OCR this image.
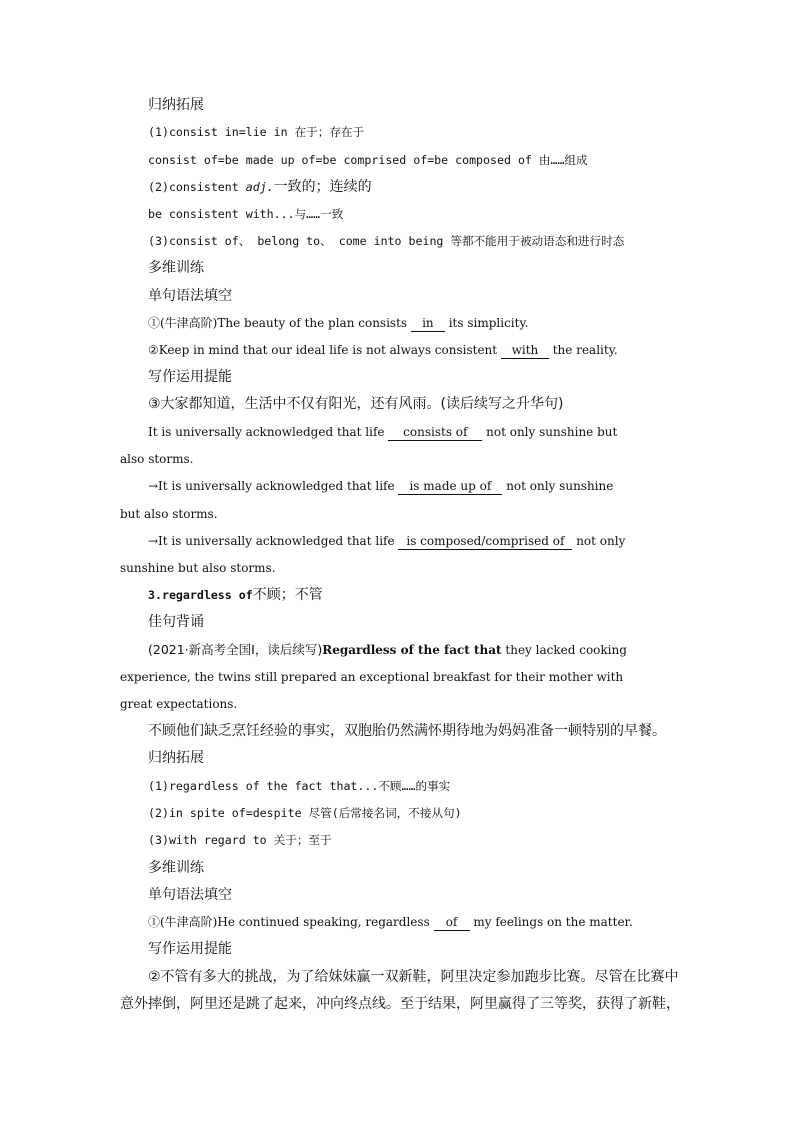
归纳拓展
(1)consist in=lie in 在于；存在于
consist of=be made up of=be comprised of=be composed of 由……组成
(2)consistent adj.一致的；连续的
be consistent with...与……一致
(3)consist of、 belong to、 come into being 等都不能用于被动语态和进行时态
多维训练
单句语法填空
①(牛津高阶)The beauty of the plan consists in its simplicity.
②Keep in mind that our ideal life is not always consistent with the reality.
写作运用提能
③大家都知道，生活中不仅有阳光，还有风雨。(读后续写之升华句)
It is universally acknowledged that life consists of not only sunshine but
also storms.
→It is universally acknowledged that life is made up of not only sunshine
but also storms.
→It is universally acknowledged that life is composed/comprised of not only
sunshine but also storms.
3.regardless of不顾；不管
佳句背诵
(2021·新高考全国Ⅰ，读后续写)Regardless of the fact that they lacked cooking
experience, the twins still prepared an exceptional breakfast for their mother with
great expectations.
不顾他们缺乏烹饪经验的事实，双胞胎仍然满怀期待地为妈妈准备一顿特别的早餐。
归纳拓展
(1)regardless of the fact that...不顾……的事实
(2)in spite of=despite 尽管(后常接名词，不接从句)
(3)with regard to 关于；至于
多维训练
单句语法填空
①(牛津高阶)He continued speaking, regardless of my feelings on the matter.
写作运用提能
②不管有多大的挑战，为了给妹妹赢一双新鞋，阿里决定参加跑步比赛。尽管在比赛中
意外摔倒，阿里还是跳了起来，冲向终点线。至于结果，阿里赢得了三等奖，获得了新鞋，
